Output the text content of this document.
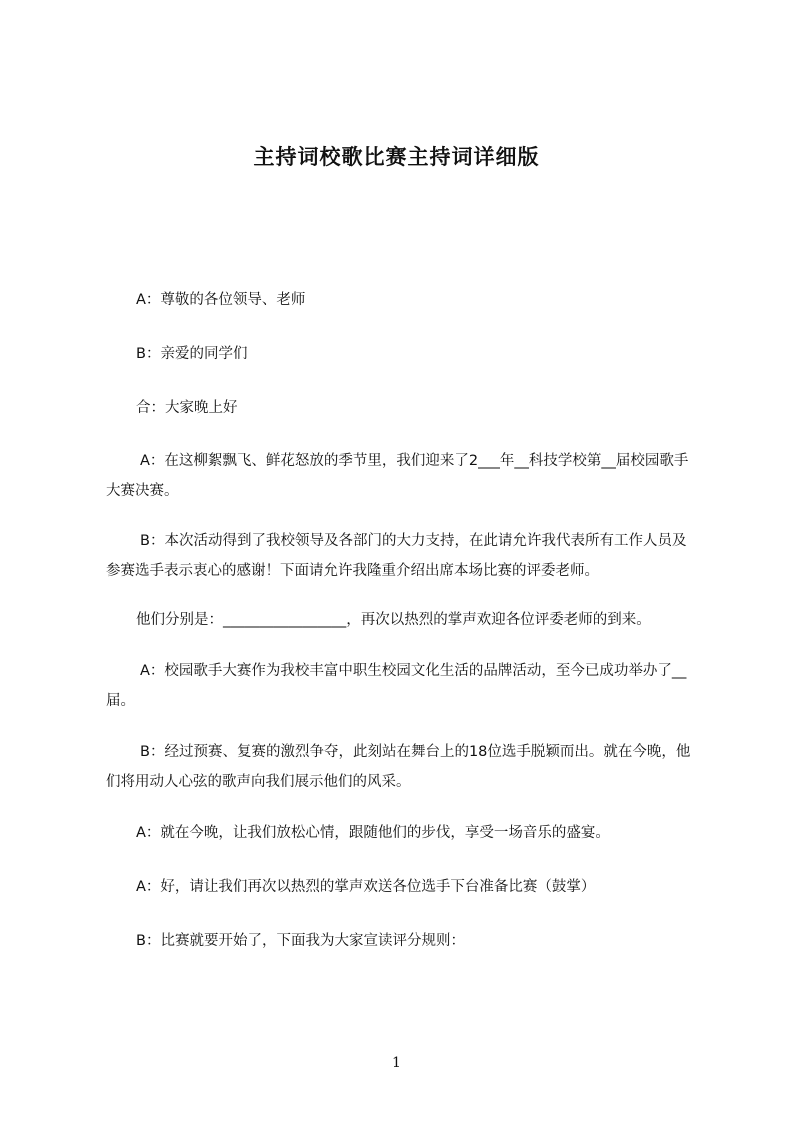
主持词校歌比赛主持词详细版

A：尊敬的各位领导、老师

B：亲爱的同学们

合：大家晚上好

A：在这柳絮飘飞、鲜花怒放的季节里，我们迎来了2___年__科技学校第__届校园歌手大赛决赛。

B：本次活动得到了我校领导及各部门的大力支持，在此请允许我代表所有工作人员及参赛选手表示衷心的感谢！下面请允许我隆重介绍出席本场比赛的评委老师。

他们分别是：_________________，再次以热烈的掌声欢迎各位评委老师的到来。

A：校园歌手大赛作为我校丰富中职生校园文化生活的品牌活动，至今已成功举办了__届。

B：经过预赛、复赛的激烈争夺，此刻站在舞台上的18位选手脱颖而出。就在今晚，他们将用动人心弦的歌声向我们展示他们的风采。

A：就在今晚，让我们放松心情，跟随他们的步伐，享受一场音乐的盛宴。

A：好，请让我们再次以热烈的掌声欢送各位选手下台准备比赛（鼓掌）

B：比赛就要开始了，下面我为大家宣读评分规则：

1
